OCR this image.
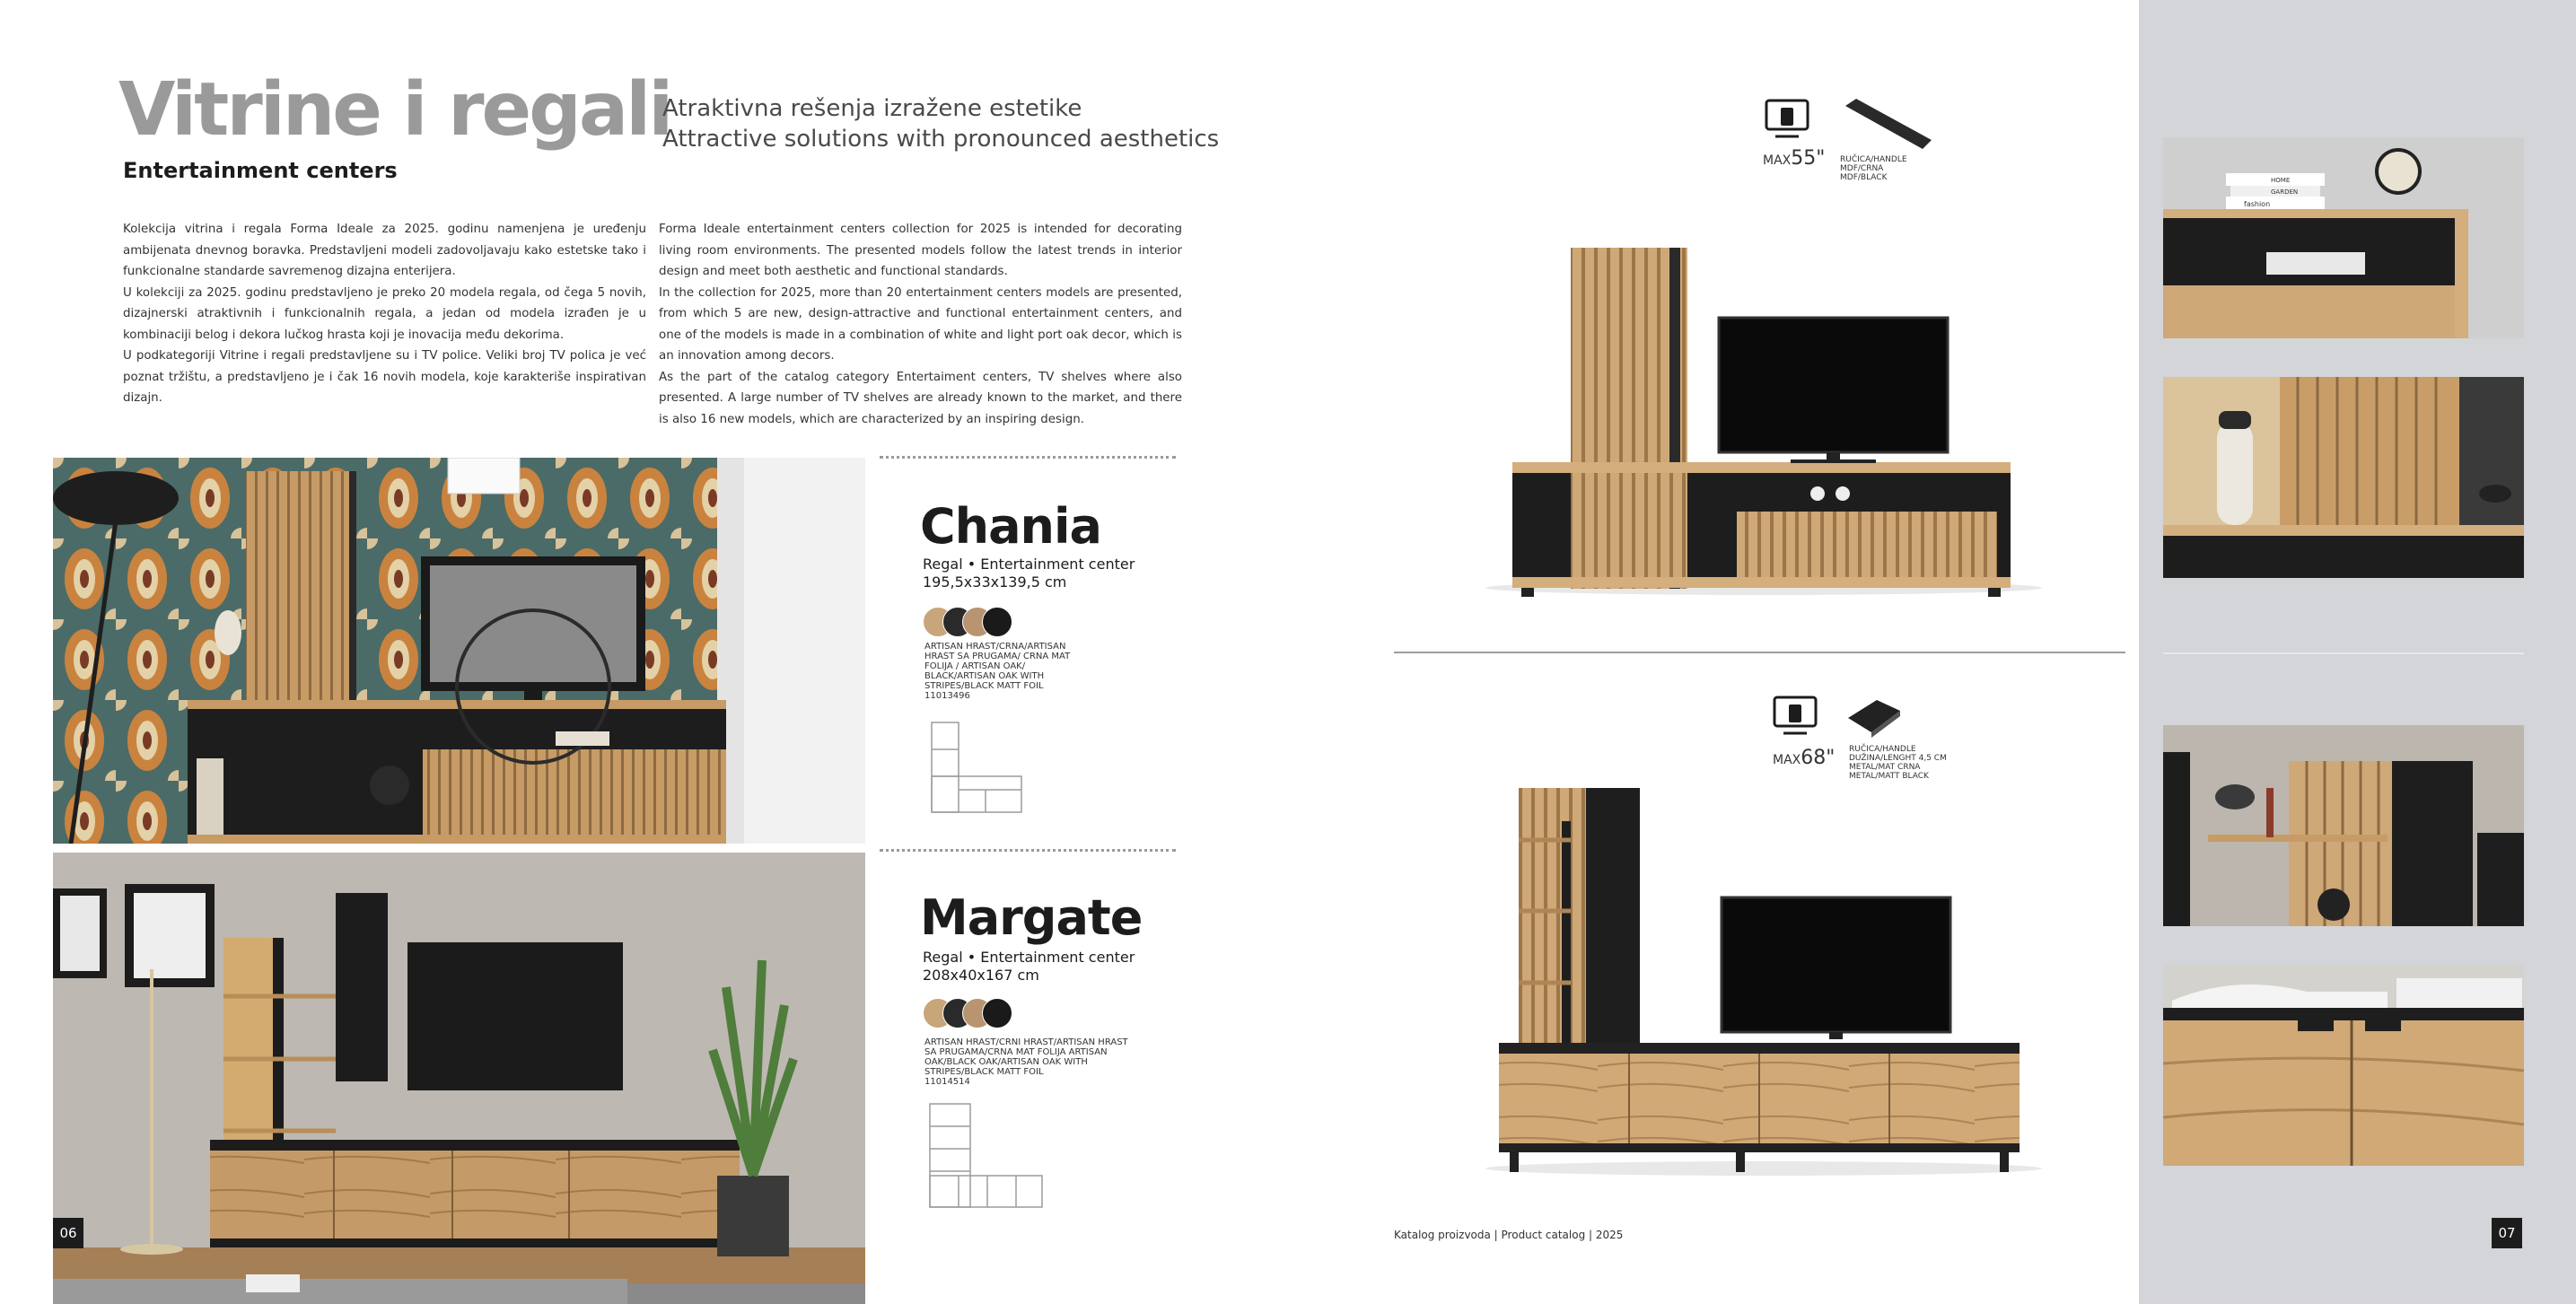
Vitrine i regali
Entertainment centers
Atraktivna rešenja izražene estetike
Attractive solutions with pronounced aesthetics

Kolekcija vitrina i regala Forma Ideale za 2025. godinu namenjena je uređenju ambijenata dnevnog boravka. Predstavljeni modeli zadovoljavaju kako estetske tako i funkcionalne standarde savremenog dizajna enterijera.

U kolekciji za 2025. godinu predstavljeno je preko 20 modela regala, od čega 5 novih, dizajnerski atraktivnih i funkcionalnih regala, a jedan od modela izrađen je u kombinaciji belog i dekora lučkog hrasta koji je inovacija među dekorima.

U podkategoriji Vitrine i regali predstavljene su i TV police. Veliki broj TV polica je već poznat tržištu, a predstavljeno je i čak 16 novih modela, koje karakteriše inspirativan dizajn.

Forma Ideale entertainment centers collection for 2025 is intended for decorating living room environments. The presented models follow the latest trends in interior design and meet both aesthetic and functional standards.

In the collection for 2025, more than 20 entertainment centers models are presented, from which 5 are new, design-attractive and functional entertainment centers, and one of the models is made in a combination of white and light port oak decor, which is an innovation among decors.

As the part of the catalog category Entertaiment centers, TV shelves where also presented. A large number of TV shelves are already known to the market, and there is also 16 new models, which are characterized by an inspiring design.

Chania
Regal • Entertainment center
195,5x33x139,5 cm
ARTISAN HRAST/CRNA/ARTISAN HRAST SA PRUGAMA/ CRNA MAT FOLIJA / ARTISAN OAK/ BLACK/ARTISAN OAK WITH STRIPES/BLACK MATT FOIL
11013496
Margate
Regal • Entertainment center
208x40x167 cm
ARTISAN HRAST/CRNI HRAST/ARTISAN HRAST SA PRUGAMA/CRNA MAT FOLIJA ARTISAN OAK/BLACK OAK/ARTISAN OAK WITH STRIPES/BLACK MATT FOIL
11014514
06
MAX55" RUČICA/HANDLE MDF/CRNA MDF/BLACK
MAX68" RUČICA/HANDLE DUŽINA/LENGHT 4,5 CM METAL/MAT CRNA METAL/MATT BLACK
Katalog proizvoda | Product catalog | 2025
HOME
GARDEN
fashion
07
